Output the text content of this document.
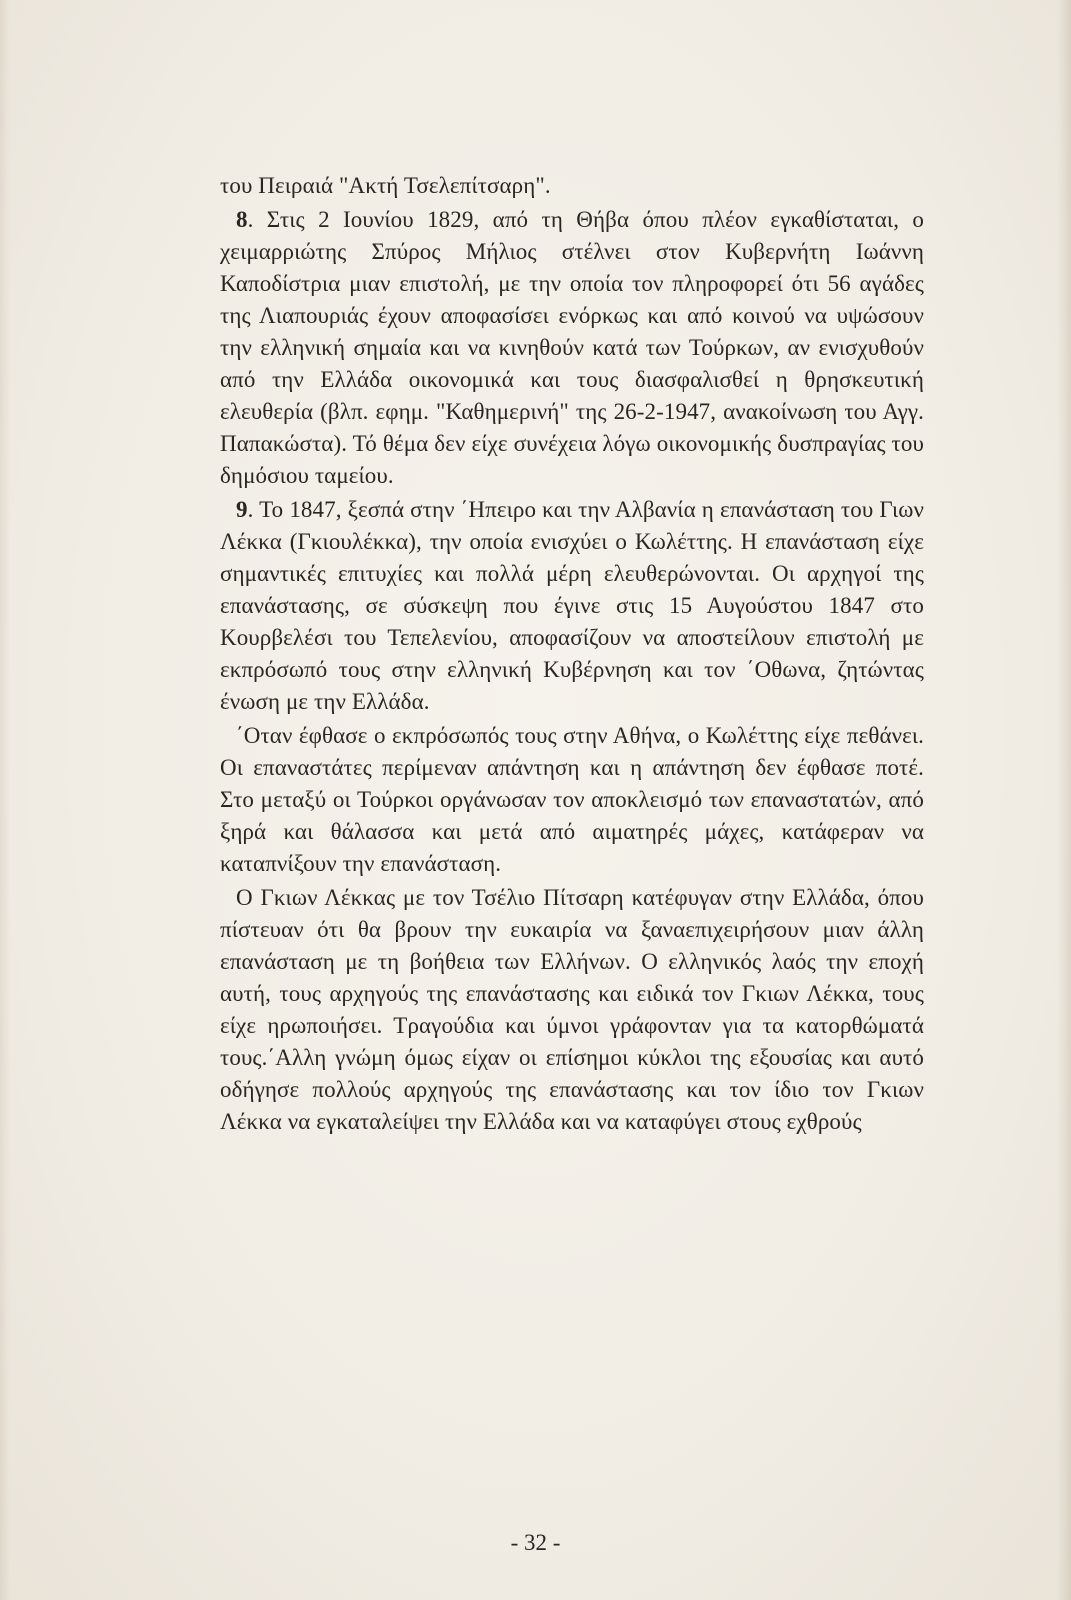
του Πειραιά "Ακτή Τσελεπίτσαρη".

8. Στις 2 Ιουνίου 1829, από τη Θήβα όπου πλέον εγκαθίσταται, ο χειμαρριώτης Σπύρος Μήλιος στέλνει στον Κυβερνήτη Ιωάννη Καποδίστρια μιαν επιστολή, με την οποία τον πληροφορεί ότι 56 αγάδες της Λιαπουριάς έχουν αποφασίσει ενόρκως και από κοινού να υψώσουν την ελληνική σημαία και να κινηθούν κατά των Τούρκων, αν ενισχυθούν από την Ελλάδα οικονομικά και τους διασφαλισθεί η θρησκευτική ελευθερία (βλπ. εφημ. "Καθημερινή" της 26-2-1947, ανακοίνωση του Αγγ. Παπακώστα). Τό θέμα δεν είχε συνέχεια λόγω οικονομικής δυσπραγίας του δημόσιου ταμείου.

9. Το 1847, ξεσπά στην ΄Ηπειρο και την Αλβανία η επανάσταση του Γιων Λέκκα (Γκιουλέκκα), την οποία ενισχύει ο Κωλέττης. Η επανάσταση είχε σημαντικές επιτυχίες και πολλά μέρη ελευθερώνονται. Οι αρχηγοί της επανάστασης, σε σύσκεψη που έγινε στις 15 Αυγούστου 1847 στο Κουρβελέσι του Τεπελενίου, αποφασίζουν να αποστείλουν επιστολή με εκπρόσωπό τους στην ελληνική Κυβέρνηση και τον ΄Οθωνα, ζητώντας ένωση με την Ελλάδα.

΄Οταν έφθασε ο εκπρόσωπός τους στην Αθήνα, ο Κωλέττης είχε πεθάνει. Οι επαναστάτες περίμεναν απάντηση και η απάντηση δεν έφθασε ποτέ. Στο μεταξύ οι Τούρκοι οργάνωσαν τον αποκλεισμό των επαναστατών, από ξηρά και θάλασσα και μετά από αιματηρές μάχες, κατάφεραν να καταπνίξουν την επανάσταση.

Ο Γκιων Λέκκας με τον Τσέλιο Πίτσαρη κατέφυγαν στην Ελλάδα, όπου πίστευαν ότι θα βρουν την ευκαιρία να ξαναεπιχειρήσουν μιαν άλλη επανάσταση με τη βοήθεια των Ελλήνων. Ο ελληνικός λαός την εποχή αυτή, τους αρχηγούς της επανάστασης και ειδικά τον Γκιων Λέκκα, τους είχε ηρωποιήσει. Τραγούδια και ύμνοι γράφονταν για τα κατορθώματά τους.΄Αλλη γνώμη όμως είχαν οι επίσημοι κύκλοι της εξουσίας και αυτό οδήγησε πολλούς αρχηγούς της επανάστασης και τον ίδιο τον Γκιων Λέκκα να εγκαταλείψει την Ελλάδα και να καταφύγει στους εχθρούς

- 32 -
